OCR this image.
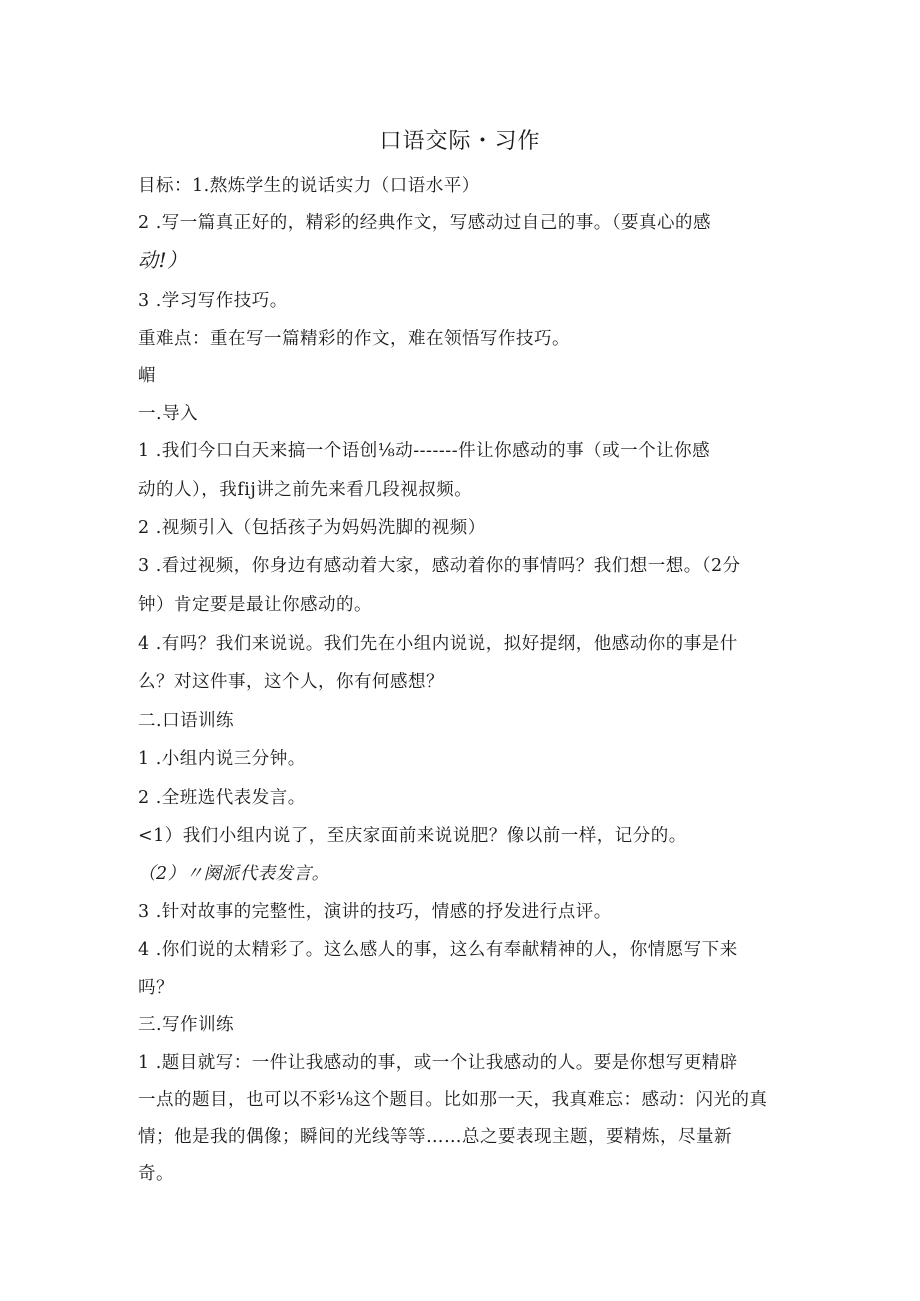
口语交际・习作
目标：1.熬炼学生的说话实力（口语水平）
2 .写一篇真正好的，精彩的经典作文，写感动过自己的事。（要真心的感
动!）
3 .学习写作技巧。
重难点：重在写一篇精彩的作文，难在领悟写作技巧。
嵋
一.导入
1 .我们今口白天来搞一个语创⅛动-------件让你感动的事（或一个让你感
动的人），我fij讲之前先来看几段视叔频。
2 .视频引入（包括孩子为妈妈洗脚的视频）
3 .看过视频，你身边有感动着大家，感动着你的事情吗？我们想一想。（2分
钟）肯定要是最让你感动的。
4 .有吗？我们来说说。我们先在小组内说说，拟好提纲，他感动你的事是什
么？对这件事，这个人，你有何感想？
二.口语训练
1 .小组内说三分钟。
2 .全班选代表发言。
<1）我们小组内说了，至庆家面前来说说肥？像以前一样，记分的。
（2）〃阕派代表发言。
3 .针对故事的完整性，演讲的技巧，情感的抒发进行点评。
4 .你们说的太精彩了。这么感人的事，这么有奉献精神的人，你情愿写下来
吗？
三.写作训练
1 .题目就写：一件让我感动的事，或一个让我感动的人。要是你想写更精辟
一点的题目，也可以不彩⅛这个题目。比如那一天，我真难忘：感动：闪光的真
情；他是我的偶像；瞬间的光线等等……总之要表现主题，要精炼，尽量新
奇。
